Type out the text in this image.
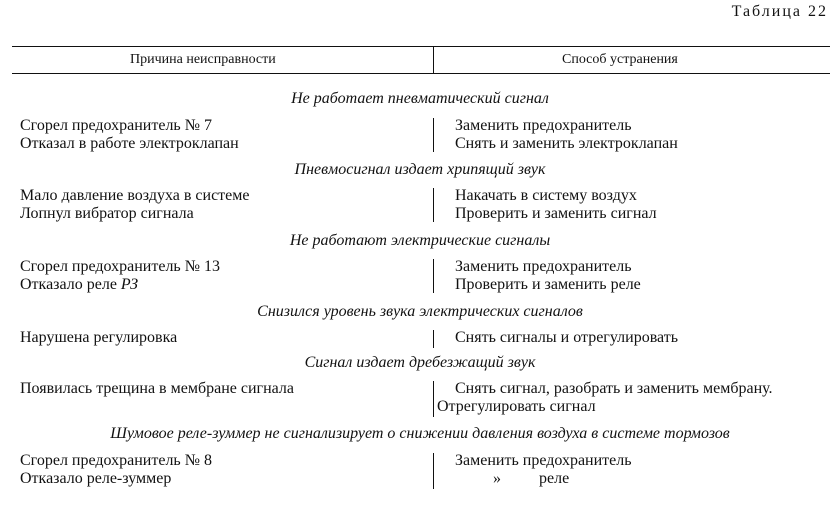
Таблица 22
Причина неисправности	Способ устранения
Не работает пневматический сигнал
Сгорел предохранитель № 7	Заменить предохранитель
Отказал в работе электроклапан	Снять и заменить электроклапан
Пневмосигнал издает хрипящий звук
Мало давление воздуха в системе	Накачать в систему воздух
Лопнул вибратор сигнала	Проверить и заменить сигнал
Не работают электрические сигналы
Сгорел предохранитель № 13	Заменить предохранитель
Отказало реле РЗ	Проверить и заменить реле
Снизился уровень звука электрических сигналов
Нарушена регулировка	Снять сигналы и отрегулировать
Сигнал издает дребезжащий звук
Появилась трещина в мембране сигнала	Снять сигнал, разобрать и заменить мембрану.
Отрегулировать сигнал
Шумовое реле-зуммер не сигнализирует о снижении давления воздуха в системе тормозов
Сгорел предохранитель № 8	Заменить предохранитель
Отказало реле-зуммер	» реле
